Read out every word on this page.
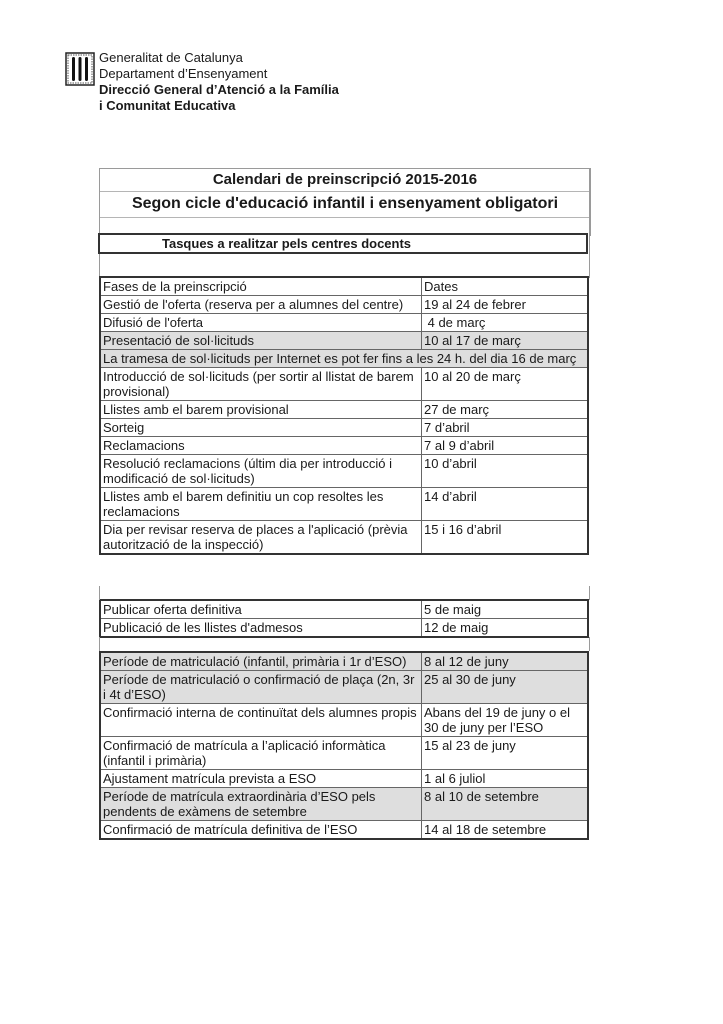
Generalitat de Catalunya
Departament d’Ensenyament
Direcció General d’Atenció a la Família
i Comunitat Educativa
Calendari de preinscripció 2015-2016
Segon cicle d'educació infantil i ensenyament obligatori
Tasques a realitzar pels centres docents
Fases de la preinscripció	Dates
Gestió de l'oferta (reserva per a alumnes del centre)	19 al 24 de febrer
Difusió de l'oferta	4 de març
Presentació de sol·licituds	10 al 17 de març
La tramesa de sol·licituds per Internet es pot fer fins a les 24 h. del dia 16 de març	
Introducció de sol·licituds (per sortir al llistat de barem provisional)	10 al 20 de març
Llistes amb el barem provisional	27 de març
Sorteig	7 d’abril
Reclamacions	7 al 9 d’abril
Resolució reclamacions (últim dia per introducció i modificació de sol·licituds)	10 d’abril
Llistes amb el barem definitiu un cop resoltes les reclamacions	14 d’abril
Dia per revisar reserva de places a l'aplicació (prèvia autorització de la inspecció)	15 i 16 d’abril
Publicar oferta definitiva	5 de maig
Publicació de les llistes d'admesos	12 de maig
Període de matriculació (infantil, primària i 1r d’ESO)	8 al 12 de juny
Període de matriculació o confirmació de plaça (2n, 3r i 4t d’ESO)	25 al 30 de juny
Confirmació interna de continuïtat dels alumnes propis	Abans del 19 de juny o el 30 de juny per l’ESO
Confirmació de matrícula a l’aplicació informàtica (infantil i primària)	15 al 23 de juny
Ajustament matrícula prevista a ESO	1 al 6 juliol
Període de matrícula extraordinària d’ESO pels pendents de exàmens de setembre	8 al 10 de setembre
Confirmació de matrícula definitiva de l’ESO	14 al 18 de setembre
